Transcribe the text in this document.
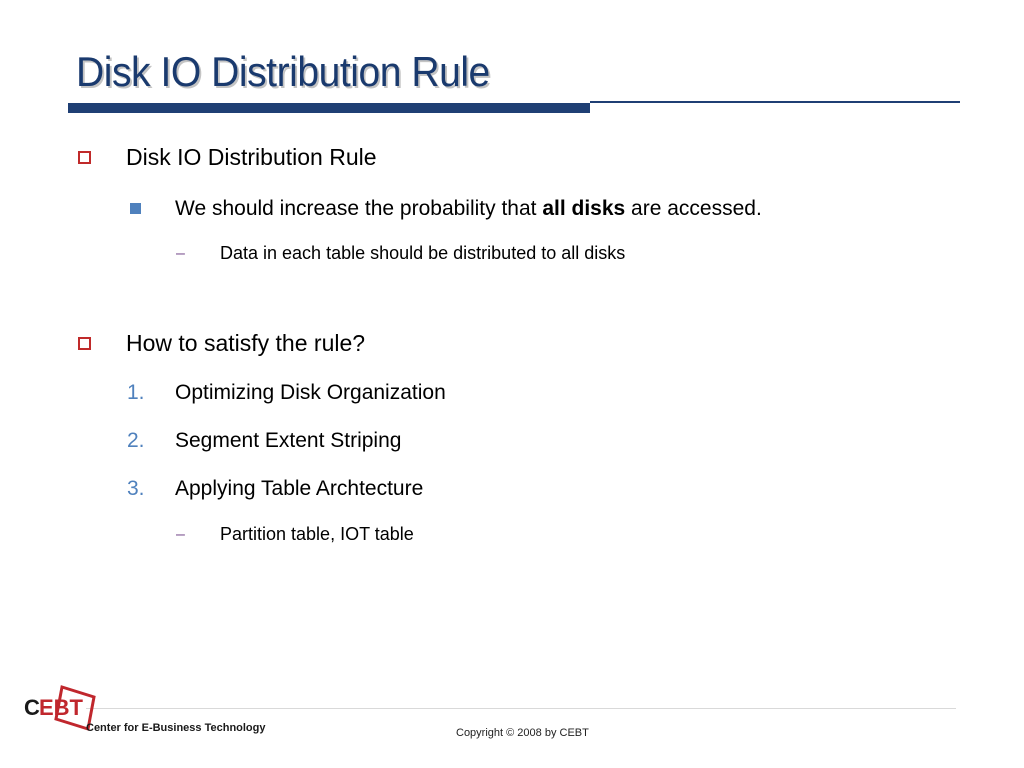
Disk IO Distribution Rule
Disk IO Distribution Rule
We should increase the probability that all disks are accessed.
– Data in each table should be distributed to all disks
How to satisfy the rule?
1. Optimizing Disk Organization
2. Segment Extent Striping
3. Applying Table Archtecture
– Partition table, IOT table
C EBT
Center for E-Business Technology	Copyright © 2008 by CEBT
